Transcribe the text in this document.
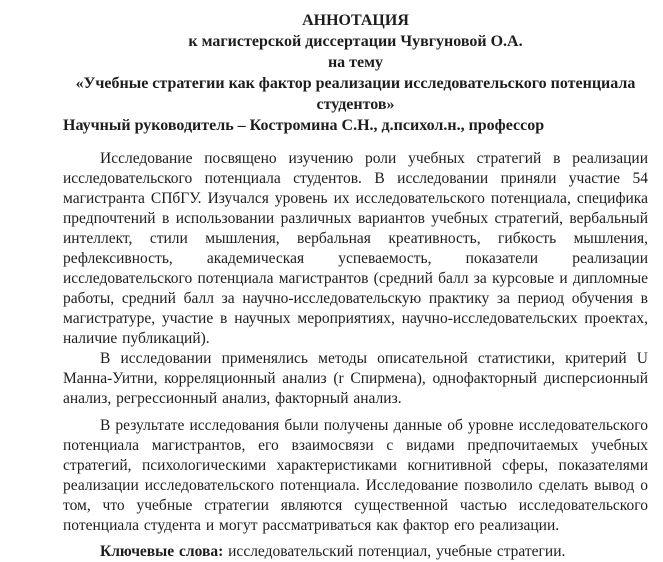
АННОТАЦИЯ
к магистерской диссертации Чувгуновой О.А.
на тему
«Учебные стратегии как фактор реализации исследовательского потенциала студентов»
Научный руководитель – Костромина С.Н., д.психол.н., профессор

Исследование посвящено изучению роли учебных стратегий в реализации исследовательского потенциала студентов. В исследовании приняли участие 54 магистранта СПбГУ. Изучался уровень их исследовательского потенциала, специфика предпочтений в использовании различных вариантов учебных стратегий, вербальный интеллект, стили мышления, вербальная креативность, гибкость мышления, рефлексивность, академическая успеваемость, показатели реализации исследовательского потенциала магистрантов (средний балл за курсовые и дипломные работы, средний балл за научно-исследовательскую практику за период обучения в магистратуре, участие в научных мероприятиях, научно-исследовательских проектах, наличие публикаций).

В исследовании применялись методы описательной статистики, критерий U Манна-Уитни, корреляционный анализ (r Спирмена), однофакторный дисперсионный анализ, регрессионный анализ, факторный анализ.

В результате исследования были получены данные об уровне исследовательского потенциала магистрантов, его взаимосвязи с видами предпочитаемых учебных стратегий, психологическими характеристиками когнитивной сферы, показателями реализации исследовательского потенциала. Исследование позволило сделать вывод о том, что учебные стратегии являются существенной частью исследовательского потенциала студента и могут рассматриваться как фактор его реализации.

Ключевые слова: исследовательский потенциал, учебные стратегии.
